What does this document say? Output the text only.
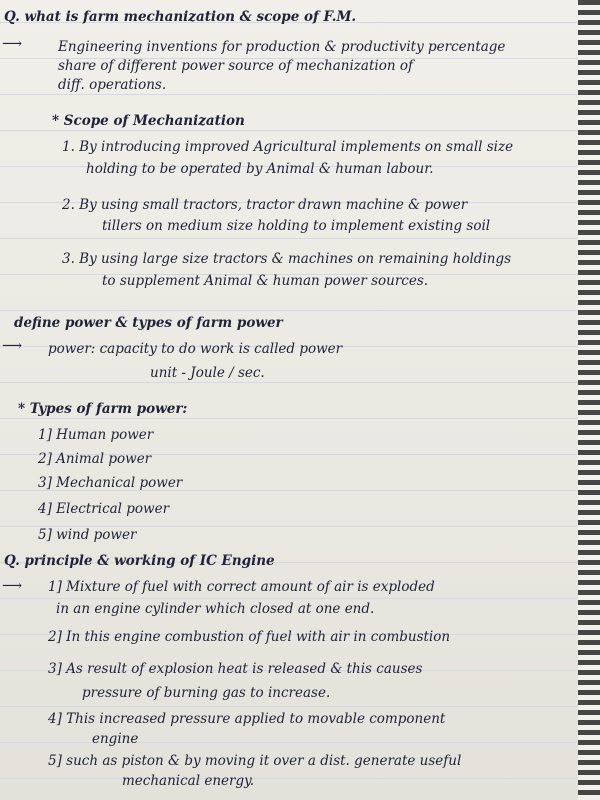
Q. what is farm mechanization & scope of F.M.
⟶	Engineering inventions for production & productivity percentage
share of different power source of mechanization of
diff. operations.
* Scope of Mechanization
1. By introducing improved Agricultural implements on small size
holding to be operated by Animal & human labour.
2. By using small tractors, tractor drawn machine & power
tillers on medium size holding to implement existing soil
3. By using large size tractors & machines on remaining holdings
to supplement Animal & human power sources.
define power & types of farm power
⟶ power: capacity to do work is called power
unit - Joule / sec.
* Types of farm power:
1] Human power
2] Animal power
3] Mechanical power
4] Electrical power
5] wind power
Q. principle & working of IC Engine
⟶ 1] Mixture of fuel with correct amount of air is exploded
in an engine cylinder which closed at one end.
2] In this engine combustion of fuel with air in combustion
3] As result of explosion heat is released & this causes
pressure of burning gas to increase.
4] This increased pressure applied to movable component
engine
5] such as piston & by moving it over a dist. generate useful
mechanical energy.
